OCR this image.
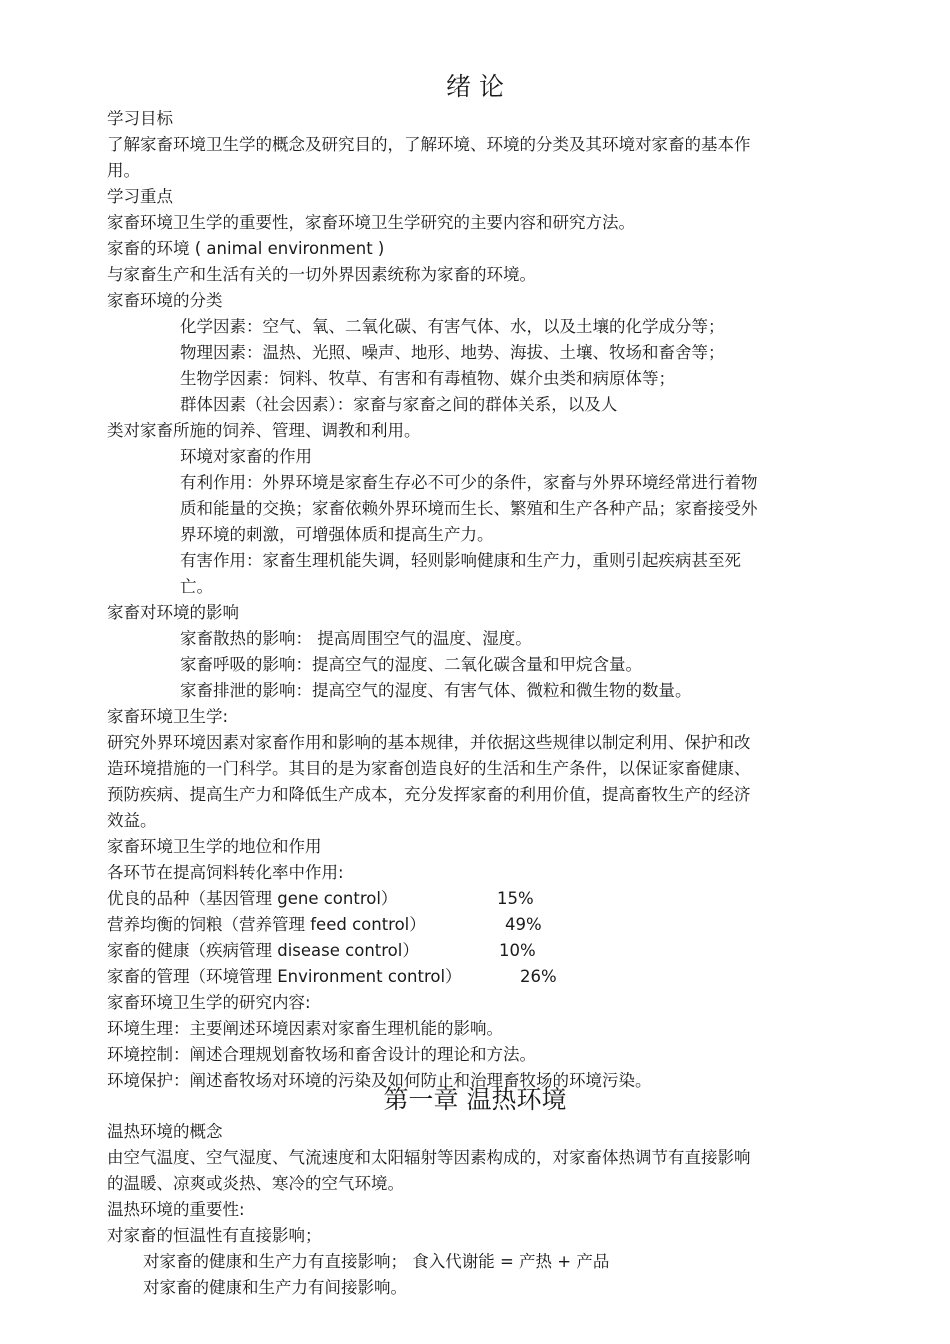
绪 论
学习目标
了解家畜环境卫生学的概念及研究目的，了解环境、环境的分类及其环境对家畜的基本作
用。
学习重点
家畜环境卫生学的重要性，家畜环境卫生学研究的主要内容和研究方法。
家畜的环境 ( animal environment )
与家畜生产和生活有关的一切外界因素统称为家畜的环境。
家畜环境的分类
化学因素：空气、氧、二氧化碳、有害气体、水，以及土壤的化学成分等；
物理因素：温热、光照、噪声、地形、地势、海拔、土壤、牧场和畜舍等；
生物学因素：饲料、牧草、有害和有毒植物、媒介虫类和病原体等；
群体因素（社会因素）：家畜与家畜之间的群体关系，以及人
类对家畜所施的饲养、管理、调教和利用。
环境对家畜的作用
有利作用：外界环境是家畜生存必不可少的条件，家畜与外界环境经常进行着物
质和能量的交换；家畜依赖外界环境而生长、繁殖和生产各种产品；家畜接受外
界环境的刺激，可增强体质和提高生产力。
有害作用：家畜生理机能失调，轻则影响健康和生产力，重则引起疾病甚至死
亡。
家畜对环境的影响
家畜散热的影响： 提高周围空气的温度、湿度。
家畜呼吸的影响：提高空气的湿度、二氧化碳含量和甲烷含量。
家畜排泄的影响：提高空气的湿度、有害气体、微粒和微生物的数量。
家畜环境卫生学:
研究外界环境因素对家畜作用和影响的基本规律，并依据这些规律以制定利用、保护和改
造环境措施的一门科学。其目的是为家畜创造良好的生活和生产条件，以保证家畜健康、
预防疾病、提高生产力和降低生产成本，充分发挥家畜的利用价值，提高畜牧生产的经济
效益。
家畜环境卫生学的地位和作用
各环节在提高饲料转化率中作用:
优良的品种（基因管理 gene control）	15%
营养均衡的饲粮（营养管理 feed control）	49%
家畜的健康（疾病管理 disease control）	10%
家畜的管理（环境管理 Environment control）	26%
家畜环境卫生学的研究内容:
环境生理：主要阐述环境因素对家畜生理机能的影响。
环境控制：阐述合理规划畜牧场和畜舍设计的理论和方法。
环境保护：阐述畜牧场对环境的污染及如何防止和治理畜牧场的环境污染。
第一章 温热环境
温热环境的概念
由空气温度、空气湿度、气流速度和太阳辐射等因素构成的，对家畜体热调节有直接影响
的温暖、凉爽或炎热、寒冷的空气环境。
温热环境的重要性:
对家畜的恒温性有直接影响；
对家畜的健康和生产力有直接影响； 食入代谢能 = 产热 + 产品
对家畜的健康和生产力有间接影响。
